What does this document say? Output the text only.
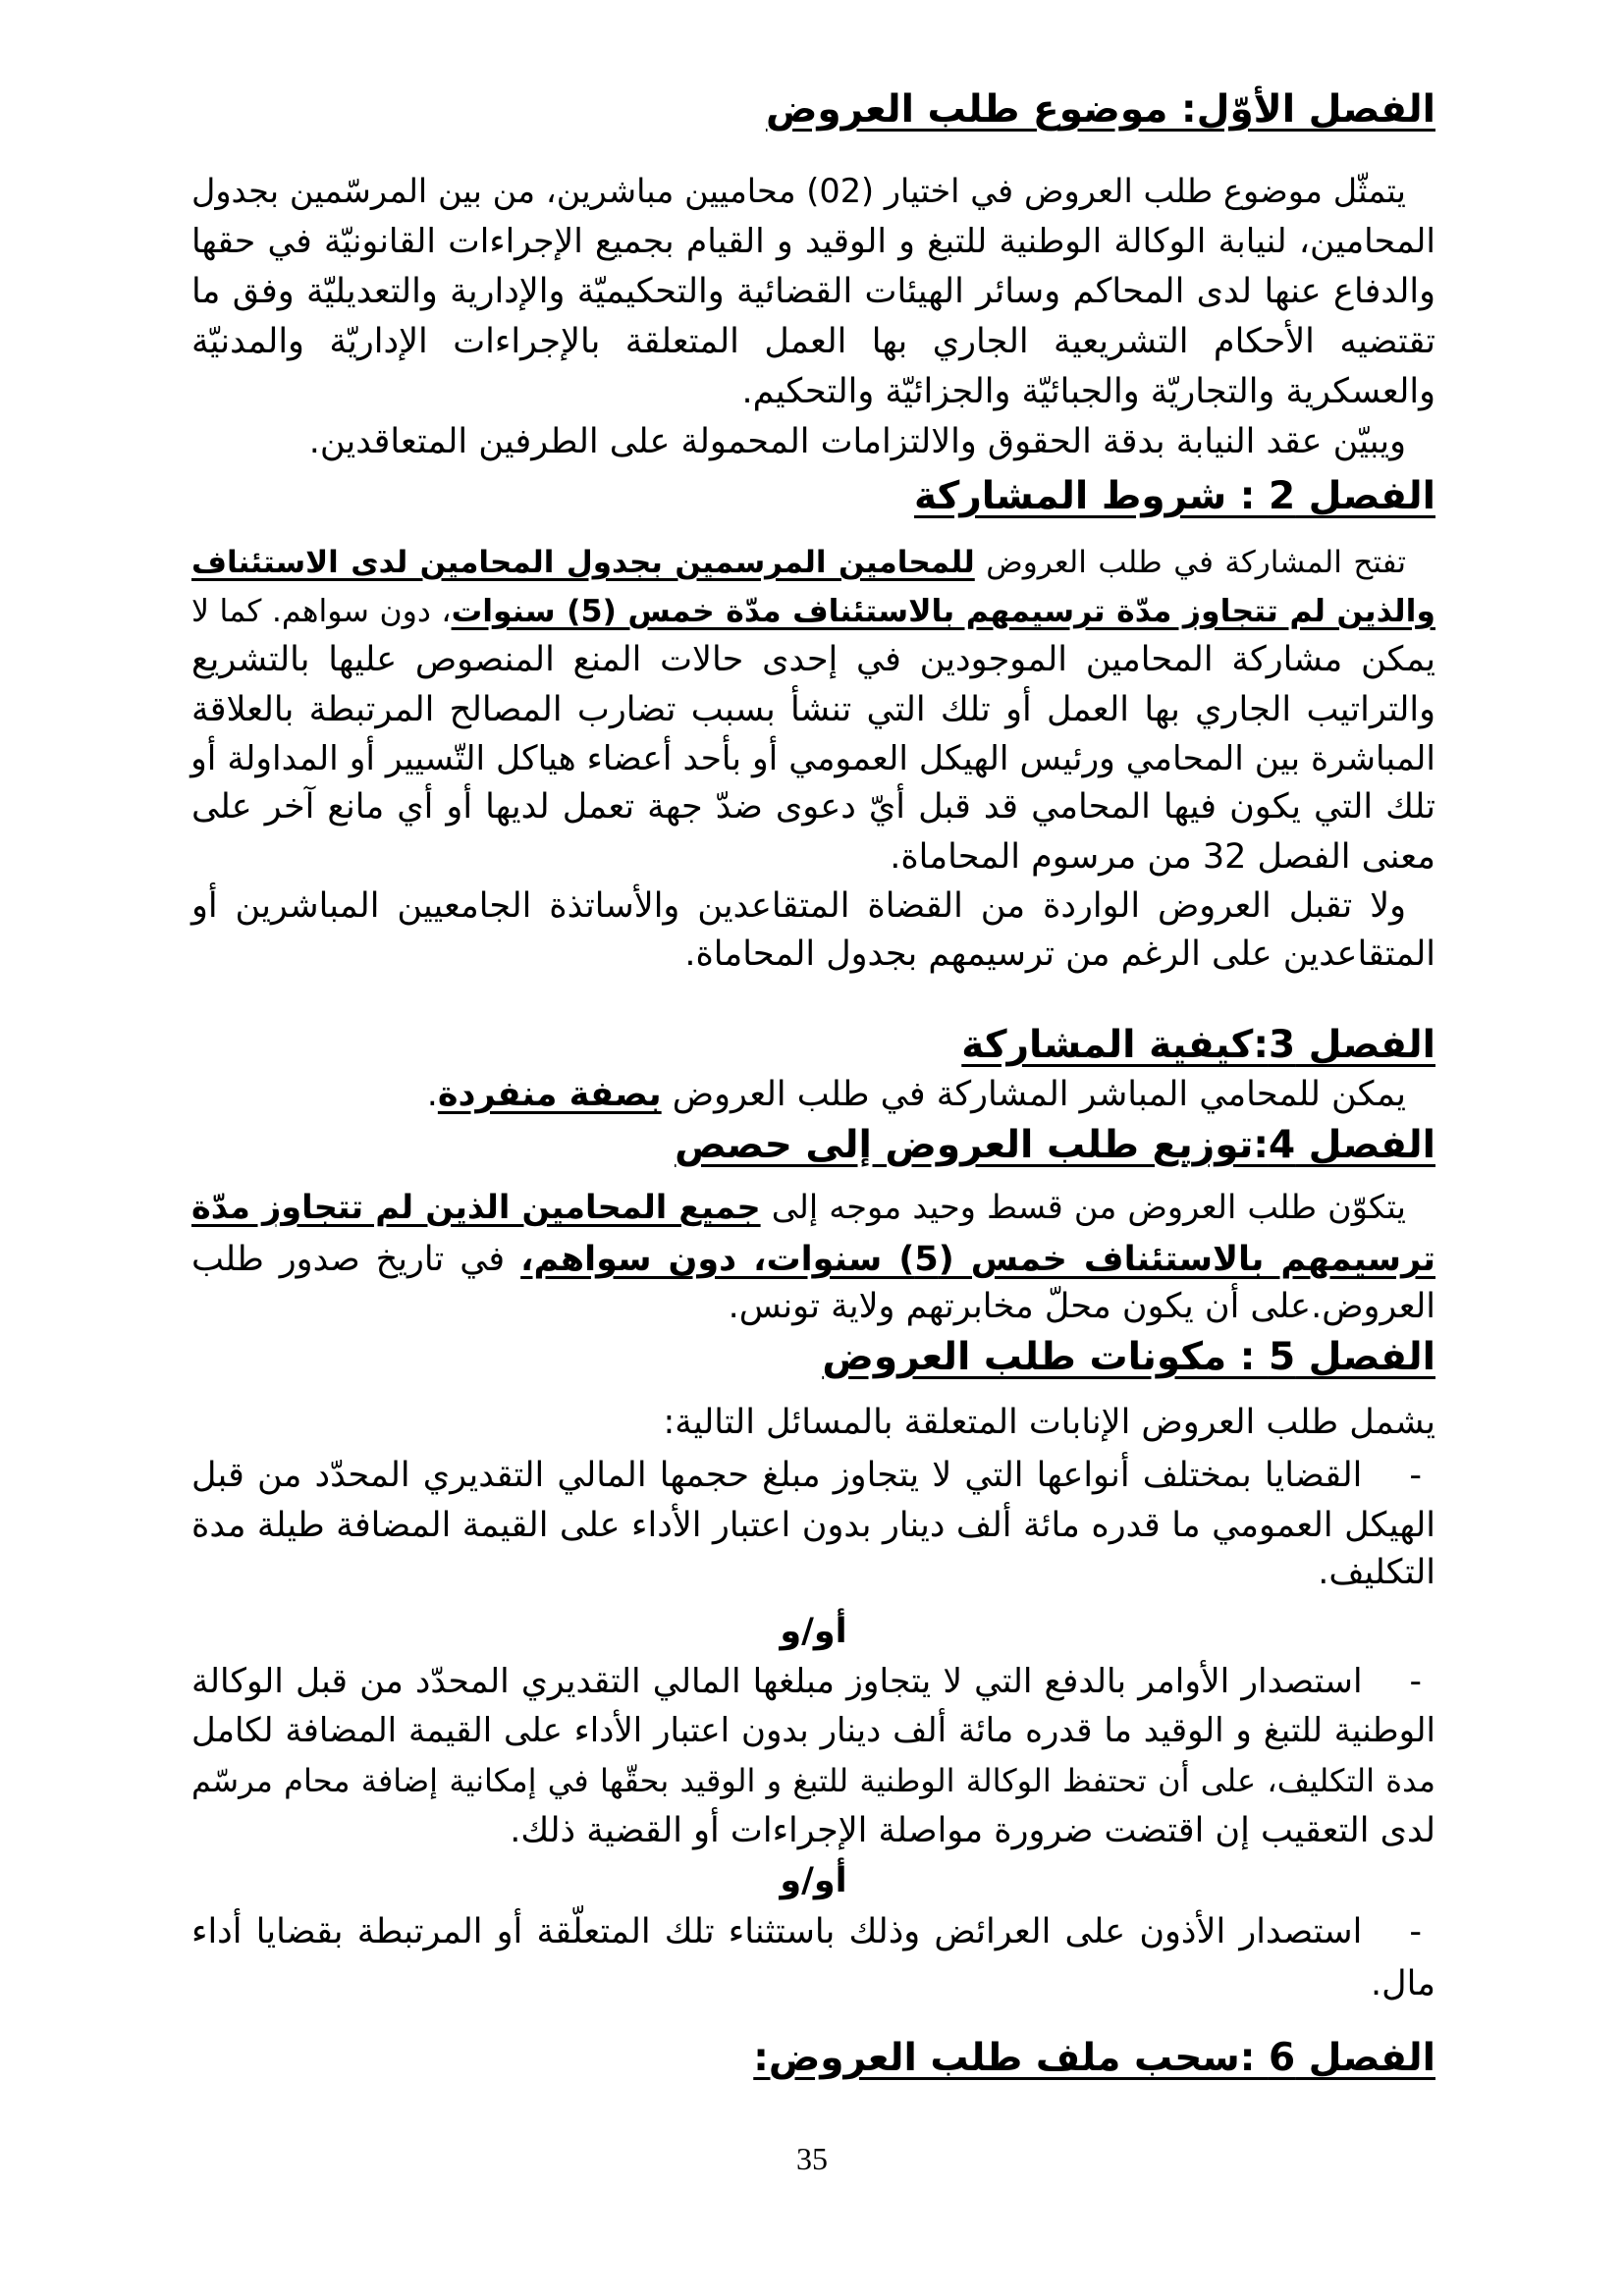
الفصل الأوّل: موضوع طلب العروض
يتمثّل موضوع طلب العروض في اختيار (02) محاميين مباشرين، من بين المرسّمين بجدول
المحامين، لنيابة الوكالة الوطنية للتبغ و الوقيد و القيام بجميع الإجراءات القانونيّة في حقها
والدفاع عنها لدى المحاكم وسائر الهيئات القضائية والتحكيميّة والإدارية والتعديليّة وفق ما
تقتضيه الأحكام التشريعية الجاري بها العمل المتعلقة بالإجراءات الإداريّة والمدنيّة
والعسكرية والتجاريّة والجبائيّة والجزائيّة والتحكيم.
ويبيّن عقد النيابة بدقة الحقوق والالتزامات المحمولة على الطرفين المتعاقدين.
الفصل 2 : شروط المشاركة
تفتح المشاركة في طلب العروض للمحامين المرسمين بجدول المحامين لدى الاستئناف
والذين لم تتجاوز مدّة ترسيمهم بالاستئناف مدّة خمس (5) سنوات، دون سواهم. كما لا
يمكن مشاركة المحامين الموجودين في إحدى حالات المنع المنصوص عليها بالتشريع
والتراتيب الجاري بها العمل أو تلك التي تنشأ بسبب تضارب المصالح المرتبطة بالعلاقة
المباشرة بين المحامي ورئيس الهيكل العمومي أو بأحد أعضاء هياكل التّسيير أو المداولة أو
تلك التي يكون فيها المحامي قد قبل أيّ دعوى ضدّ جهة تعمل لديها أو أي مانع آخر على
معنى الفصل 32 من مرسوم المحاماة.
ولا تقبل العروض الواردة من القضاة المتقاعدين والأساتذة الجامعيين المباشرين أو
المتقاعدين على الرغم من ترسيمهم بجدول المحاماة.
الفصل 3:كيفية المشاركة
يمكن للمحامي المباشر المشاركة في طلب العروض بصفة منفردة.
الفصل 4:توزيع طلب العروض إلى حصص
يتكوّن طلب العروض من قسط وحيد موجه إلى جميع المحامين الذين لم تتجاوز مدّة
ترسيمهم بالاستئناف خمس (5) سنوات، دون سواهم، في تاريخ صدور طلب
العروض.على أن يكون محلّ مخابرتهم ولاية تونس.
الفصل 5 : مكونات طلب العروض
يشمل طلب العروض الإنابات المتعلقة بالمسائل التالية:
-القضايا بمختلف أنواعها التي لا يتجاوز مبلغ حجمها المالي التقديري المحدّد من قبل
الهيكل العمومي ما قدره مائة ألف دينار بدون اعتبار الأداء على القيمة المضافة طيلة مدة
التكليف.
أو/و
-استصدار الأوامر بالدفع التي لا يتجاوز مبلغها المالي التقديري المحدّد من قبل الوكالة
الوطنية للتبغ و الوقيد ما قدره مائة ألف دينار بدون اعتبار الأداء على القيمة المضافة لكامل
مدة التكليف، على أن تحتفظ الوكالة الوطنية للتبغ و الوقيد بحقّها في إمكانية إضافة محام مرسّم
لدى التعقيب إن اقتضت ضرورة مواصلة الإجراءات أو القضية ذلك.
أو/و
-استصدار الأذون على العرائض وذلك باستثناء تلك المتعلّقة أو المرتبطة بقضايا أداء
مال.
الفصل 6 :سحب ملف طلب العروض:
35
